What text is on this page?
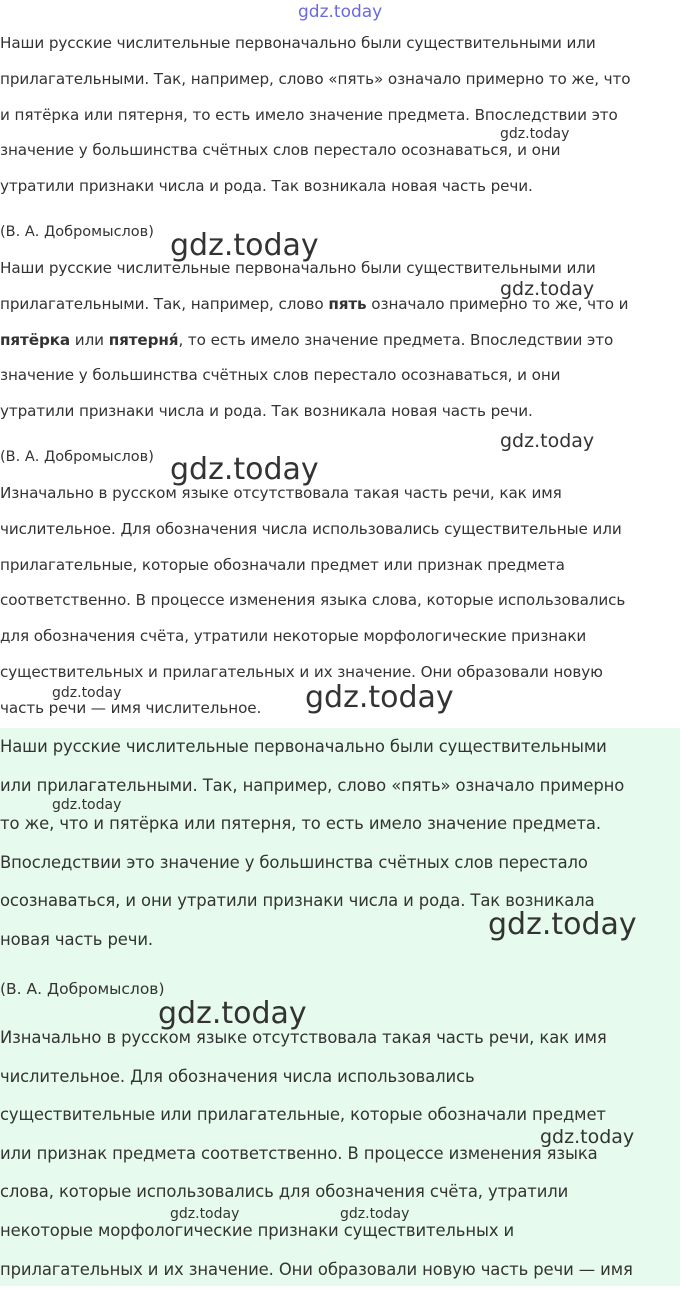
gdz.today
Наши русские числительные первоначально были существительными или
прилагательными. Так, например, слово «пять» означало примерно то же, что
и пятёрка или пятерня, то есть имело значение предмета. Впоследствии это
значение у большинства счётных слов перестало осознаваться, и они
утратили признаки числа и рода. Так возникала новая часть речи.
(В. А. Добромыслов)
Наши русские числительные первоначально были существительными или
прилагательными. Так, например, слово пять означало примерно то же, что и
пятёрка или пятерня́, то есть имело значение предмета. Впоследствии это
значение у большинства счётных слов перестало осознаваться, и они
утратили признаки числа и рода. Так возникала новая часть речи.
(В. А. Добромыслов)
Изначально в русском языке отсутствовала такая часть речи, как имя
числительное. Для обозначения числа использовались существительные или
прилагательные, которые обозначали предмет или признак предмета
соответственно. В процессе изменения языка слова, которые использовались
для обозначения счёта, утратили некоторые морфологические признаки
существительных и прилагательных и их значение. Они образовали новую
часть речи — имя числительное.
Наши русские числительные первоначально были существительными
или прилагательными. Так, например, слово «пять» означало примерно
то же, что и пятёрка или пятерня, то есть имело значение предмета.
Впоследствии это значение у большинства счётных слов перестало
осознаваться, и они утратили признаки числа и рода. Так возникала
новая часть речи.
(В. А. Добромыслов)
Изначально в русском языке отсутствовала такая часть речи, как имя
числительное. Для обозначения числа использовались
существительные или прилагательные, которые обозначали предмет
или признак предмета соответственно. В процессе изменения языка
слова, которые использовались для обозначения счёта, утратили
некоторые морфологические признаки существительных и
прилагательных и их значение. Они образовали новую часть речи — имя
gdz.today
gdz.today
gdz.today
gdz.today
gdz.today
gdz.today	gdz.today
gdz.today
gdz.today
gdz.today
gdz.today
gdz.today	gdz.today
